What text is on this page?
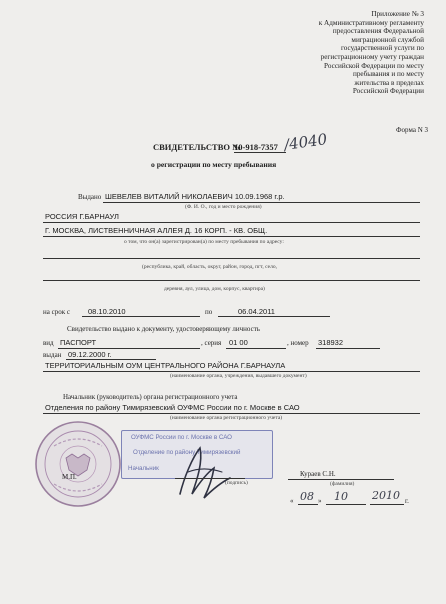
Приложение № 3
к Административному регламенту
предоставления Федеральной
миграционной службой
государственной услуги по
регистрационному учету граждан
Российской Федерации по месту
пребывания и по месту
жительства в пределах
Российской Федерации
Форма N 3
СВИДЕТЕЛЬСТВО №
10-918-7357 /4040
о регистрации по месту пребывания
Выдано ШЕВЕЛЕВ ВИТАЛИЙ НИКОЛАЕВИЧ 10.09.1968 г.р.
(Ф. И. О., год и место рождения)
РОССИЯ Г.БАРНАУЛ
Г. МОСКВА, ЛИСТВЕННИЧНАЯ АЛЛЕЯ Д. 16 КОРП. - КВ. ОБЩ.
о том, что он(а) зарегистрирован(а) по месту пребывания по адресу:
(республика, край, область, округ, район, город, пгт, село,
деревня, аул, улица, дом, корпус, квартира)
на срок с 08.10.2010	по	06.04.2011
Свидетельство выдано к документу, удостоверяющему личность
вид ПАСПОРТ	, серия 01 00	, номер 318932
выдан 09.12.2000 г.
ТЕРРИТОРИАЛЬНЫМ ОУМ ЦЕНТРАЛЬНОГО РАЙОНА Г.БАРНАУЛА
(наименование органа, учреждения, выдавшего документ)
Начальник (руководитель) органа регистрационного учета
Отделения по району Тимирязевский ОУФМС России по г. Москве в САО
(наименование органа регистрационного учета)
М.П.
ОУФМС России по г. Москве в САО
Отделение по району Тимирязевский
Начальник
(подпись)
Кураев С.Н.
(фамилия)
« 08 » 10 2010 г.
